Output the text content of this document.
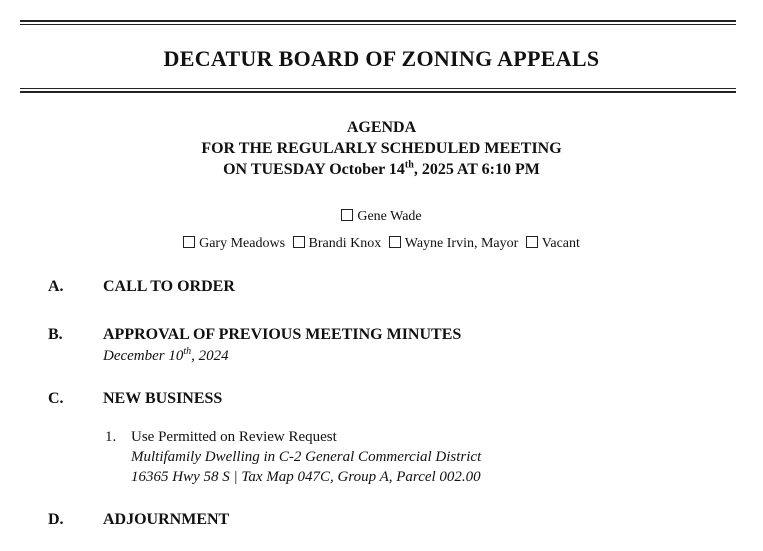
DECATUR BOARD OF ZONING APPEALS
AGENDA
FOR THE REGULARLY SCHEDULED MEETING
ON TUESDAY October 14th, 2025 AT 6:10 PM
Gene Wade
Gary Meadows Brandi Knox Wayne Irvin, Mayor Vacant
A. CALL TO ORDER
B.	APPROVAL OF PREVIOUS MEETING MINUTES
December 10th, 2024
C. NEW BUSINESS
1. Use Permitted on Review Request
Multifamily Dwelling in C-2 General Commercial District
16365 Hwy 58 S | Tax Map 047C, Group A, Parcel 002.00
D. ADJOURNMENT
